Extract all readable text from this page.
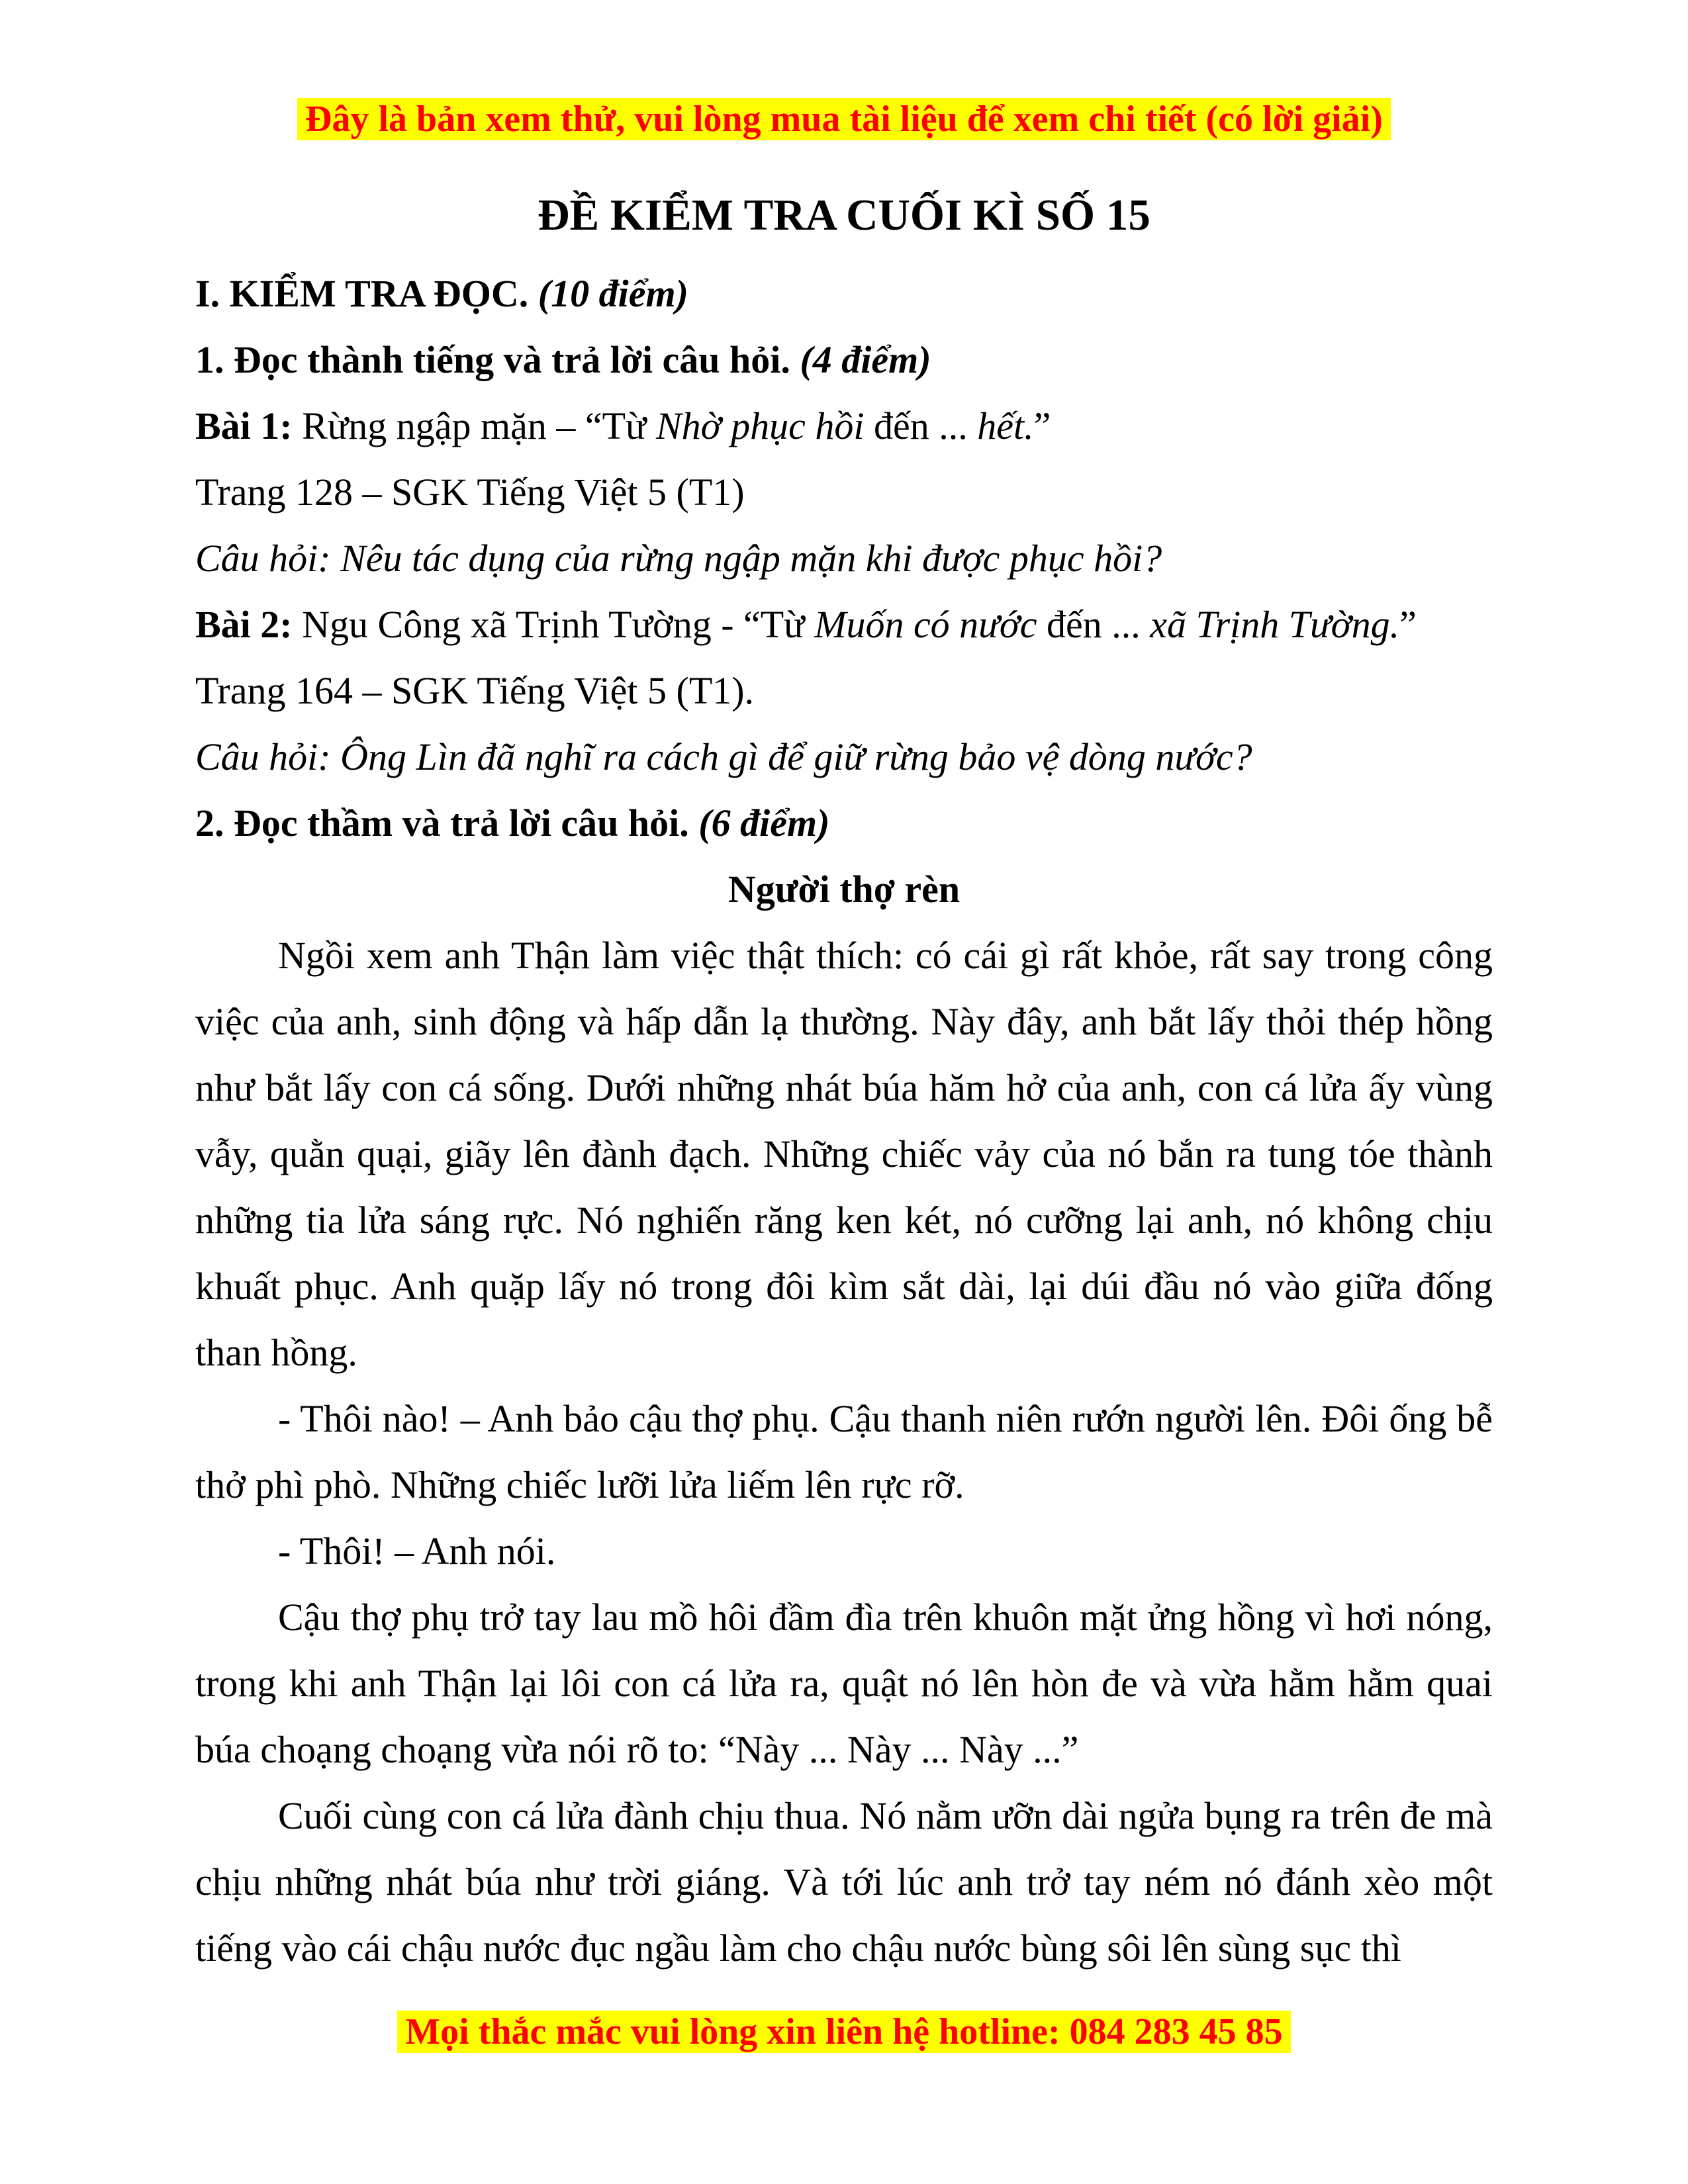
Đây là bản xem thử, vui lòng mua tài liệu để xem chi tiết (có lời giải)
ĐỀ KIỂM TRA CUỐI KÌ SỐ 15

I. KIỂM TRA ĐỌC. (10 điểm)

1. Đọc thành tiếng và trả lời câu hỏi. (4 điểm)

Bài 1: Rừng ngập mặn – “Từ Nhờ phục hồi đến ... hết.”

Trang 128 – SGK Tiếng Việt 5 (T1)

Câu hỏi: Nêu tác dụng của rừng ngập mặn khi được phục hồi?

Bài 2: Ngu Công xã Trịnh Tường - “Từ Muốn có nước đến ... xã Trịnh Tường.”

Trang 164 – SGK Tiếng Việt 5 (T1).

Câu hỏi: Ông Lìn đã nghĩ ra cách gì để giữ rừng bảo vệ dòng nước?

2. Đọc thầm và trả lời câu hỏi. (6 điểm)

Người thợ rèn

Ngồi xem anh Thận làm việc thật thích: có cái gì rất khỏe, rất say trong công việc của anh, sinh động và hấp dẫn lạ thường. Này đây, anh bắt lấy thỏi thép hồng như bắt lấy con cá sống. Dưới những nhát búa hăm hở của anh, con cá lửa ấy vùng vẫy, quằn quại, giãy lên đành đạch. Những chiếc vảy của nó bắn ra tung tóe thành những tia lửa sáng rực. Nó nghiến răng ken két, nó cưỡng lại anh, nó không chịu khuất phục. Anh quặp lấy nó trong đôi kìm sắt dài, lại dúi đầu nó vào giữa đống than hồng.

- Thôi nào! – Anh bảo cậu thợ phụ. Cậu thanh niên rướn người lên. Đôi ống bễ thở phì phò. Những chiếc lưỡi lửa liếm lên rực rỡ.

- Thôi! – Anh nói.

Cậu thợ phụ trở tay lau mồ hôi đầm đìa trên khuôn mặt ửng hồng vì hơi nóng, trong khi anh Thận lại lôi con cá lửa ra, quật nó lên hòn đe và vừa hằm hằm quai búa choạng choạng vừa nói rõ to: “Này ... Này ... Này ...”

Cuối cùng con cá lửa đành chịu thua. Nó nằm ưỡn dài ngửa bụng ra trên đe mà chịu những nhát búa như trời giáng. Và tới lúc anh trở tay ném nó đánh xèo một tiếng vào cái chậu nước đục ngầu làm cho chậu nước bùng sôi lên sùng sục thì

Mọi thắc mắc vui lòng xin liên hệ hotline: 084 283 45 85
